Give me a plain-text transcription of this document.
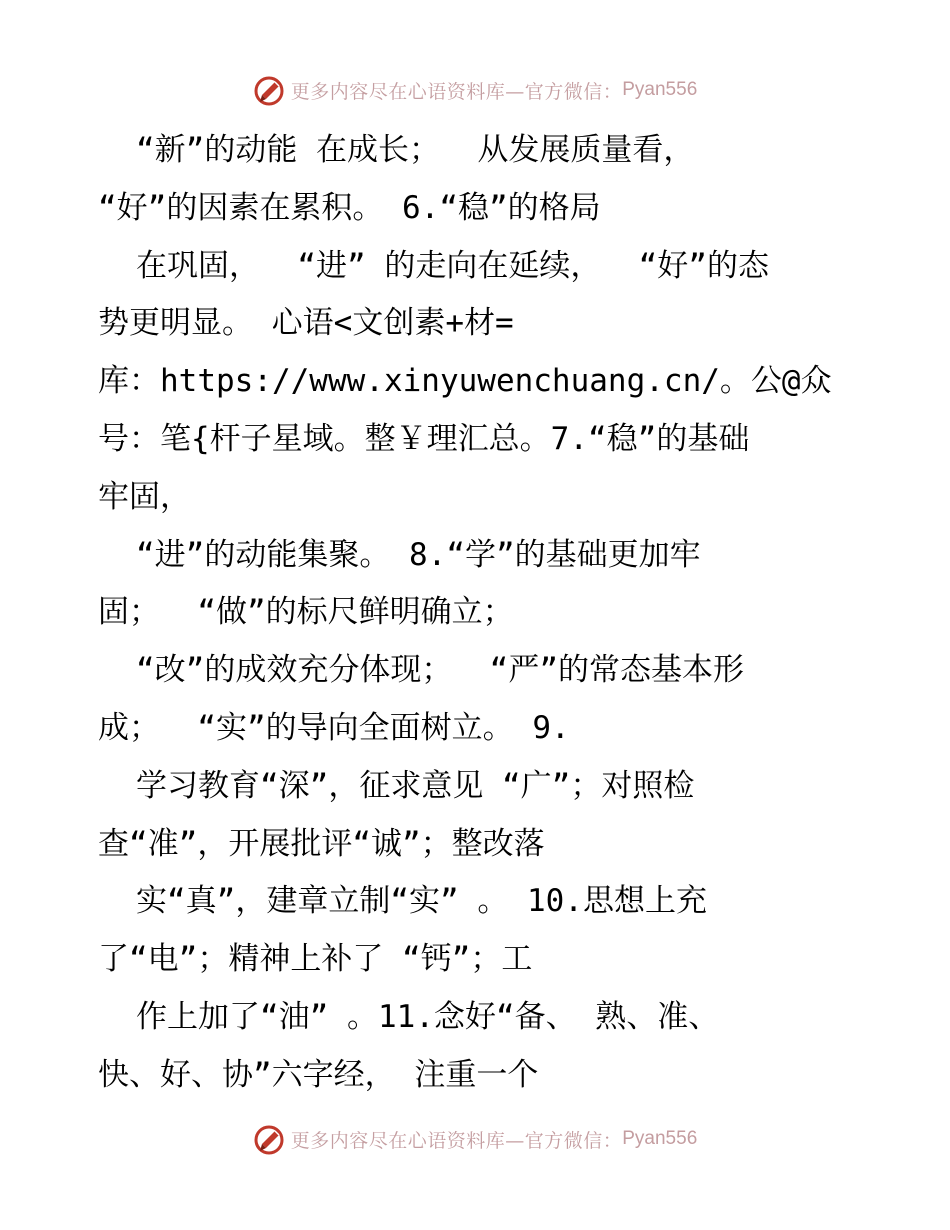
更多内容尽在心语资料库—官方微信： Pyan556
“新”的动能 在成长；  从发展质量看，
“好”的因素在累积。 6.“稳”的格局
在巩固，  “进” 的走向在延续，  “好”的态
势更明显。 心语<文创素+材=
库：https://www.xinyuwenchuang.cn/。公@众
号：笔{杆子星域。整￥理汇总。7.“稳”的基础
牢固，
“进”的动能集聚。 8.“学”的基础更加牢
固；  “做”的标尺鲜明确立；
“改”的成效充分体现；  “严”的常态基本形
成；  “实”的导向全面树立。 9.
学习教育“深”，征求意见 “广”；对照检
查“准”，开展批评“诚”；整改落
实“真”，建章立制“实” 。 10.思想上充
了“电”；精神上补了 “钙”；工
作上加了“油” 。11.念好“备、 熟、准、
快、好、协”六字经， 注重一个
更多内容尽在心语资料库—官方微信： Pyan556
